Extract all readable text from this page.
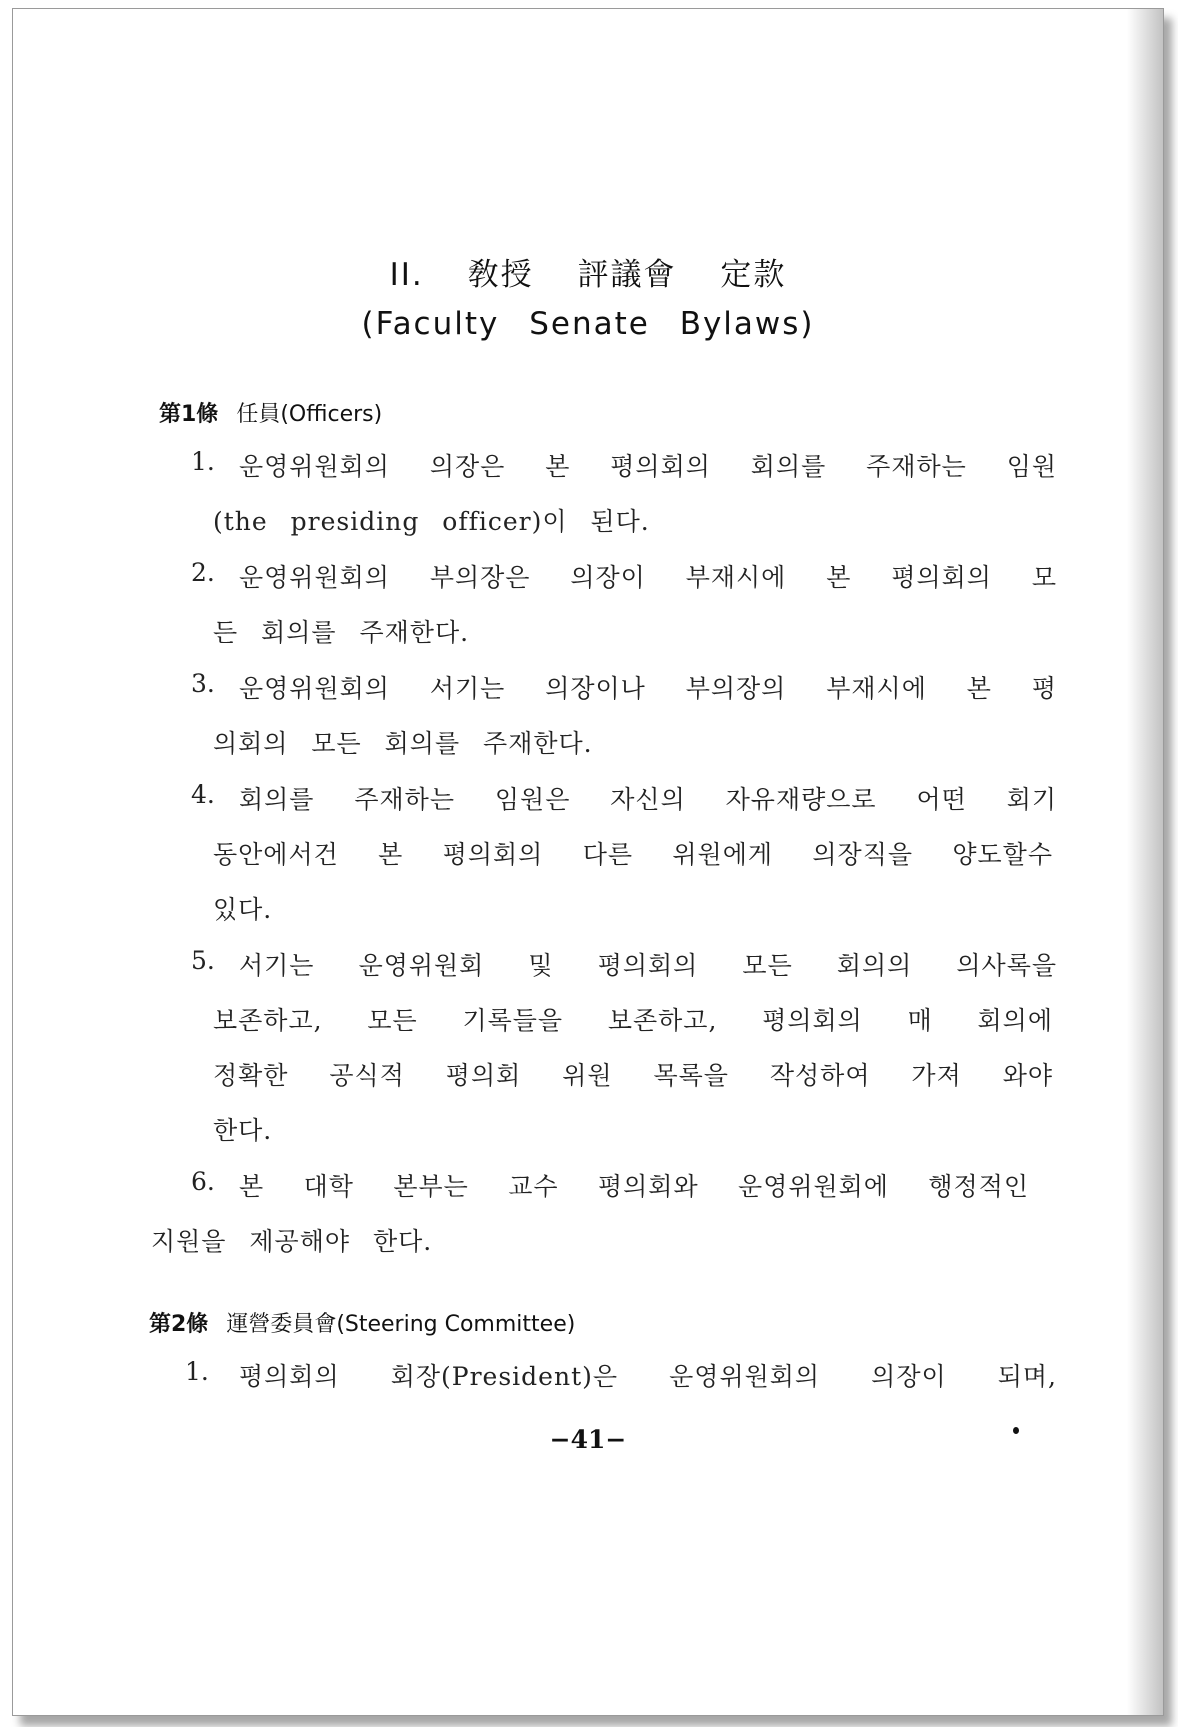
II. 敎授 評議會 定款
(Faculty Senate Bylaws)
第1條 任員(Officers)
1. 운영위원회의 의장은 본 평의회의 회의를 주재하는 임원
(the presiding officer)이 된다.
2. 운영위원회의 부의장은 의장이 부재시에 본 평의회의 모
든 회의를 주재한다.
3. 운영위원회의 서기는 의장이나 부의장의 부재시에 본 평
의회의 모든 회의를 주재한다.
4. 회의를 주재하는 임원은 자신의 자유재량으로 어떤 회기
동안에서건 본 평의회의 다른 위원에게 의장직을 양도할수
있다.
5. 서기는 운영위원회 및 평의회의 모든 회의의 의사록을
보존하고, 모든 기록들을 보존하고, 평의회의 매 회의에
정확한 공식적 평의회 위원 목록을 작성하여 가져 와야
한다.
6. 본 대학 본부는 교수 평의회와 운영위원회에 행정적인
지원을 제공해야 한다.
第2條 運營委員會(Steering Committee)
1. 평의회의 회장(President)은 운영위원회의 의장이 되며,
−41−
